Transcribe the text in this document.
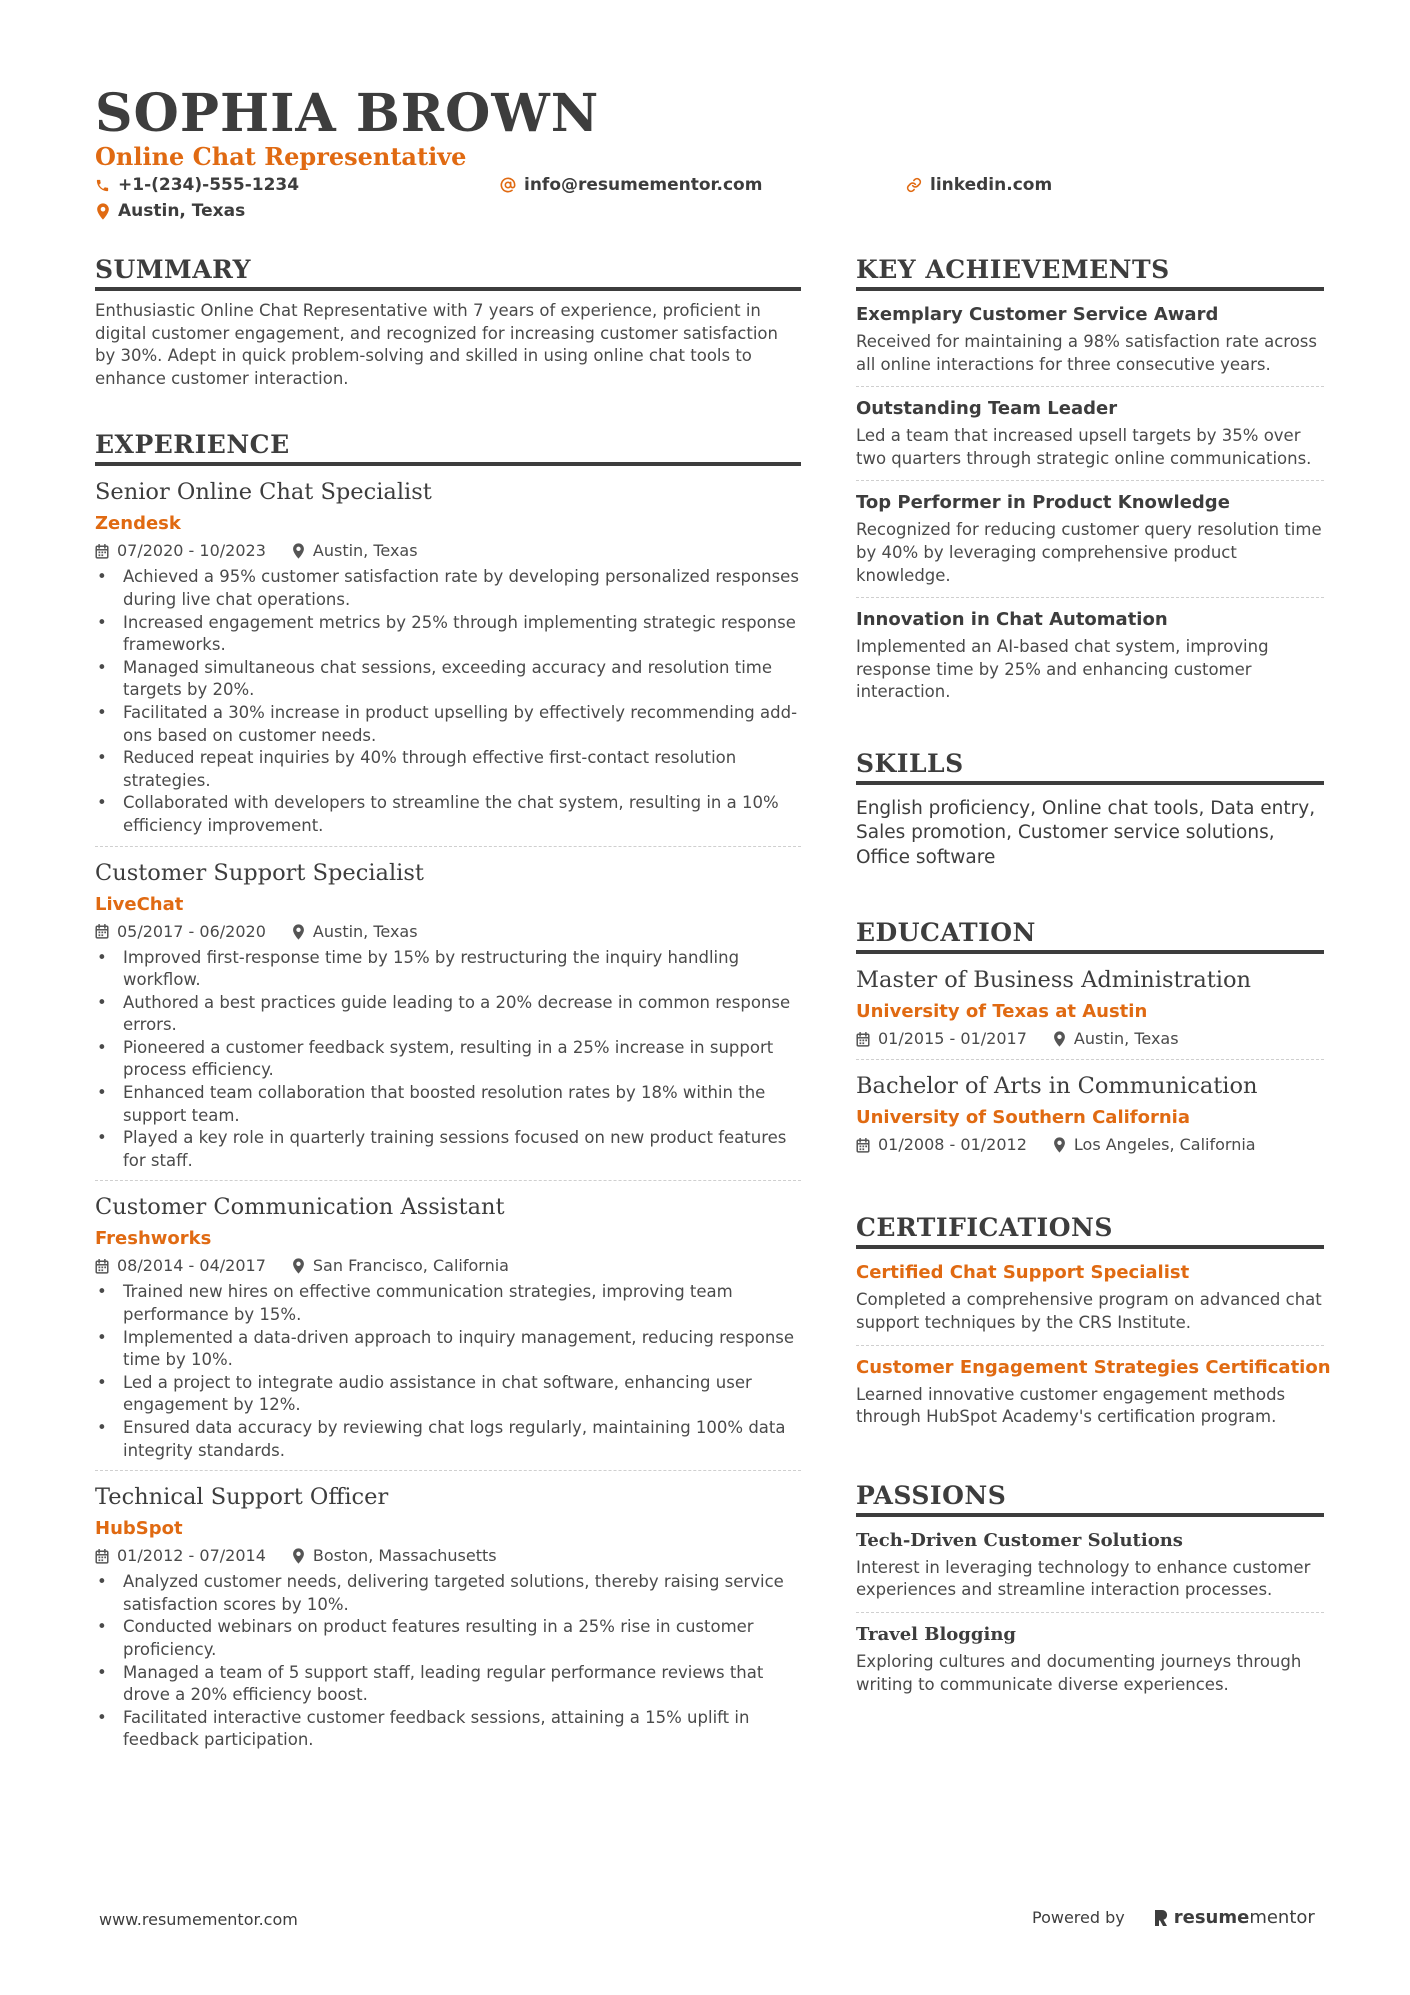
SOPHIA BROWN
Online Chat Representative
+1-(234)-555-1234	info@resumementor.com	linkedin.com
Austin, Texas
SUMMARY
Enthusiastic Online Chat Representative with 7 years of experience, proficient in digital customer engagement, and recognized for increasing customer satisfaction by 30%. Adept in quick problem-solving and skilled in using online chat tools to enhance customer interaction.
EXPERIENCE
Senior Online Chat Specialist
Zendesk
07/2020 - 10/2023	Austin, Texas
• Achieved a 95% customer satisfaction rate by developing personalized responses during live chat operations.
• Increased engagement metrics by 25% through implementing strategic response frameworks.
• Managed simultaneous chat sessions, exceeding accuracy and resolution time targets by 20%.
• Facilitated a 30% increase in product upselling by effectively recommending add-ons based on customer needs.
• Reduced repeat inquiries by 40% through effective first-contact resolution strategies.
• Collaborated with developers to streamline the chat system, resulting in a 10% efficiency improvement.
Customer Support Specialist
LiveChat
05/2017 - 06/2020	Austin, Texas
• Improved first-response time by 15% by restructuring the inquiry handling workflow.
• Authored a best practices guide leading to a 20% decrease in common response errors.
• Pioneered a customer feedback system, resulting in a 25% increase in support process efficiency.
• Enhanced team collaboration that boosted resolution rates by 18% within the support team.
• Played a key role in quarterly training sessions focused on new product features for staff.
Customer Communication Assistant
Freshworks
08/2014 - 04/2017	San Francisco, California
• Trained new hires on effective communication strategies, improving team performance by 15%.
• Implemented a data-driven approach to inquiry management, reducing response time by 10%.
• Led a project to integrate audio assistance in chat software, enhancing user engagement by 12%.
• Ensured data accuracy by reviewing chat logs regularly, maintaining 100% data integrity standards.
Technical Support Officer
HubSpot
01/2012 - 07/2014	Boston, Massachusetts
• Analyzed customer needs, delivering targeted solutions, thereby raising service satisfaction scores by 10%.
• Conducted webinars on product features resulting in a 25% rise in customer proficiency.
• Managed a team of 5 support staff, leading regular performance reviews that drove a 20% efficiency boost.
• Facilitated interactive customer feedback sessions, attaining a 15% uplift in feedback participation.
KEY ACHIEVEMENTS
Exemplary Customer Service Award
Received for maintaining a 98% satisfaction rate across all online interactions for three consecutive years.
Outstanding Team Leader
Led a team that increased upsell targets by 35% over two quarters through strategic online communications.
Top Performer in Product Knowledge
Recognized for reducing customer query resolution time by 40% by leveraging comprehensive product knowledge.
Innovation in Chat Automation
Implemented an AI-based chat system, improving response time by 25% and enhancing customer interaction.
SKILLS
English proficiency, Online chat tools, Data entry, Sales promotion, Customer service solutions, Office software
EDUCATION
Master of Business Administration
University of Texas at Austin
01/2015 - 01/2017	Austin, Texas
Bachelor of Arts in Communication
University of Southern California
01/2008 - 01/2012	Los Angeles, California
CERTIFICATIONS
Certified Chat Support Specialist
Completed a comprehensive program on advanced chat support techniques by the CRS Institute.
Customer Engagement Strategies Certification
Learned innovative customer engagement methods through HubSpot Academy's certification program.
PASSIONS
Tech-Driven Customer Solutions
Interest in leveraging technology to enhance customer experiences and streamline interaction processes.
Travel Blogging
Exploring cultures and documenting journeys through writing to communicate diverse experiences.
www.resumementor.com	Powered by	resume mentor
